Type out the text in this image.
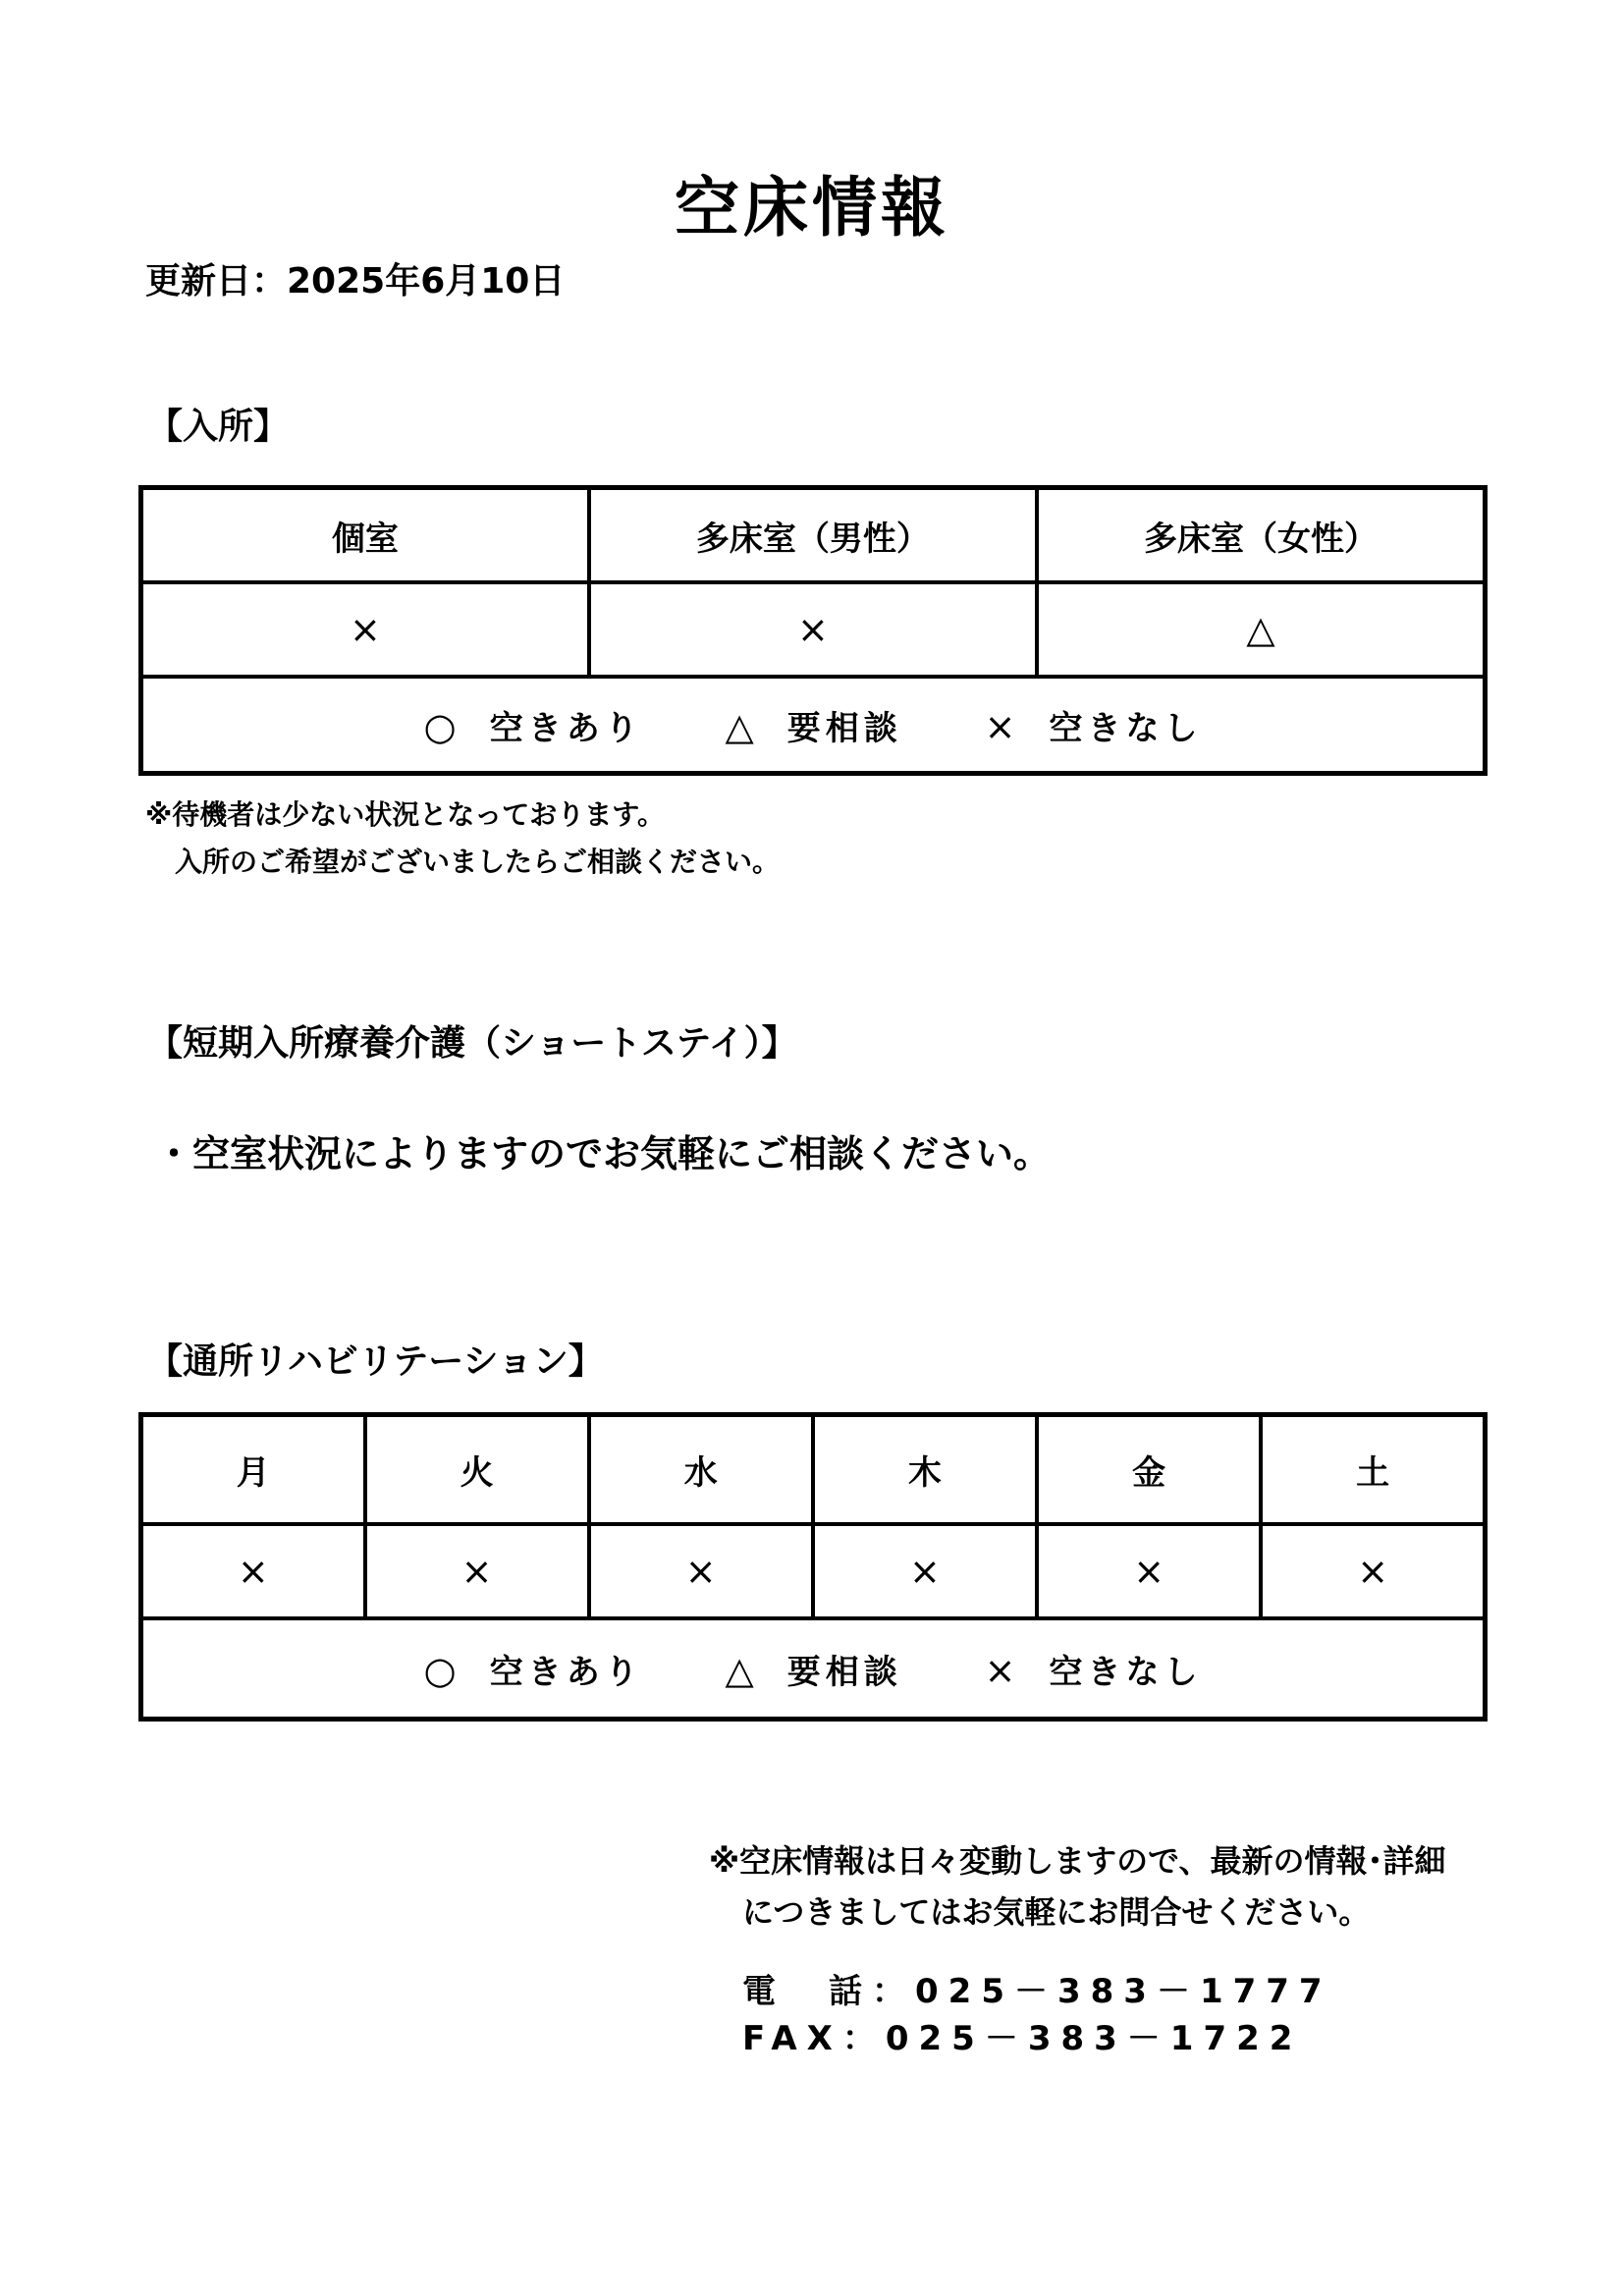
空床情報
更新日：2025年6月10日
【入所】
個室	多床室（男性）	多床室（女性）
×	×	△
○ 空きあり △ 要相談 × 空きなし		
※待機者は少ない状況となっております。
入所のご希望がございましたらご相談ください。
【短期入所療養介護（ショートステイ）】
・空室状況によりますのでお気軽にご相談ください。
【通所リハビリテーション】
月	火	水	木	金	土
×	×	×	×	×	×
○ 空きあり △ 要相談 × 空きなし					
※空床情報は日々変動しますので、最新の情報･詳細
につきましてはお気軽にお問合せください。
電　話：025－383－1777
FAX：025－383－1722
